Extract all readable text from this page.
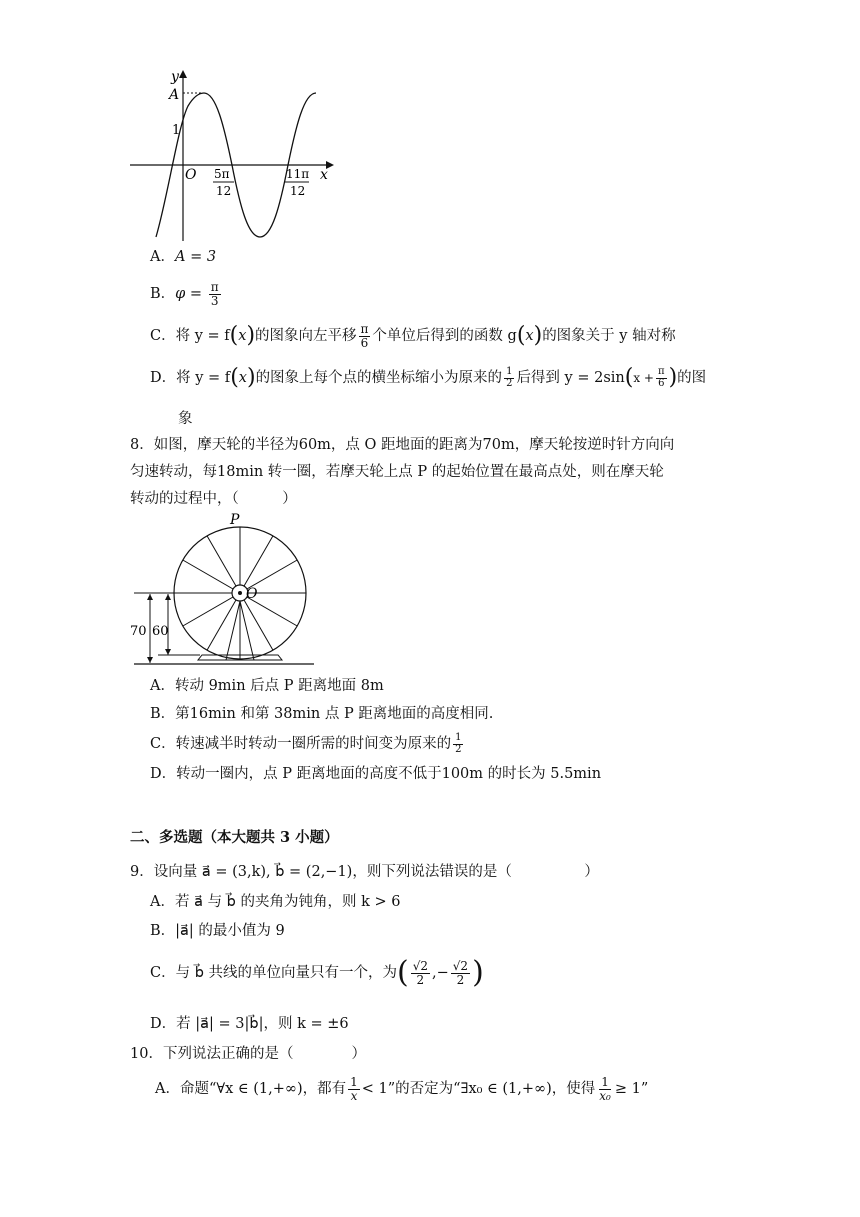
y
x
A
1
O 5π
12
11π
12
A．A = 3
B．$\varphi = \frac{\pi}{3}$
C．将 y = f(x)的图象向左平移 $\frac{\pi}{6}$ 个单位后得到的函数 g(x)的图象关于 y 轴对称
D．将 y = f(x)的图象上每个点的横坐标缩小为原来的 $\frac{1}{2}$ 后得到 $y = 2\sin(x + \frac{\pi}{6}$ )的图
象
8．如图，摩天轮的半径为60m，点 O 距地面的距离为70m，摩天轮按逆时针方向向
匀速转动，每18min 转一圈，若摩天轮上点 P 的起始位置在最高点处，则在摩天轮
转动的过程中，（　　　）
P
O
70 60
A．转动 9min 后点 P 距离地面 8m
B．第16min 和第 38min 点 P 距离地面的高度相同.
C．转速减半时转动一圈所需的时间变为原来的 $\frac{1}{2}$
D．转动一圈内，点 P 距离地面的高度不低于100m 的时长为 5.5min
二、多选题（本大题共 3 小题）
9．设向量 a⃗ = (3,k), b⃗ = (2,−1)，则下列说法错误的是（　　　　　）
A．若 a⃗ 与 b⃗ 的夹角为钝角，则 k > 6
B．|a⃗| 的最小值为 9
C．与 b⃗ 共线的单位向量只有一个，为( $\frac{√2}{2}$ ,− $\frac{√2}{2}$ )
D．若 |a⃗| = 3|b⃗|，则 k = ±6
10．下列说法正确的是（　　　　）
A．命题“∀x ∈ (1,+∞)，都有 $\frac{1}{x} < 1$”的否定为“∃x₀ ∈ (1,+∞)，使得 $\frac{1}{\text{x₀}} \ge 1$”
